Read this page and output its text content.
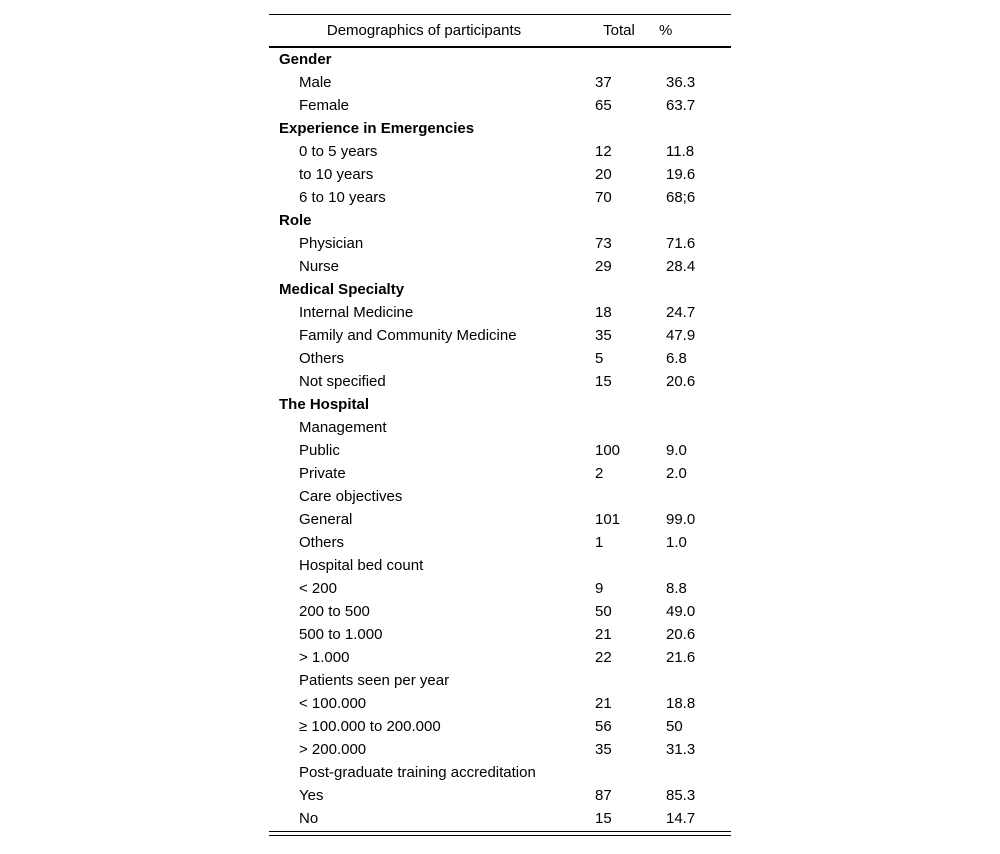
Demographics of participants	Total	%
Gender		
Male	37	36.3
Female	65	63.7
Experience in Emergencies		
0 to 5 years	12	11.8
to 10 years	20	19.6
6 to 10 years	70	68;6
Role		
Physician	73	71.6
Nurse	29	28.4
Medical Specialty		
Internal Medicine	18	24.7
Family and Community Medicine	35	47.9
Others	5	6.8
Not specified	15	20.6
The Hospital		
Management		
Public	100	9.0
Private	2	2.0
Care objectives		
General	101	99.0
Others	1	1.0
Hospital bed count		
< 200	9	8.8
200 to 500	50	49.0
500 to 1.000	21	20.6
> 1.000	22	21.6
Patients seen per year		
< 100.000	21	18.8
≥ 100.000 to 200.000	56	50
> 200.000	35	31.3
Post-graduate training accreditation		
Yes	87	85.3
No	15	14.7
